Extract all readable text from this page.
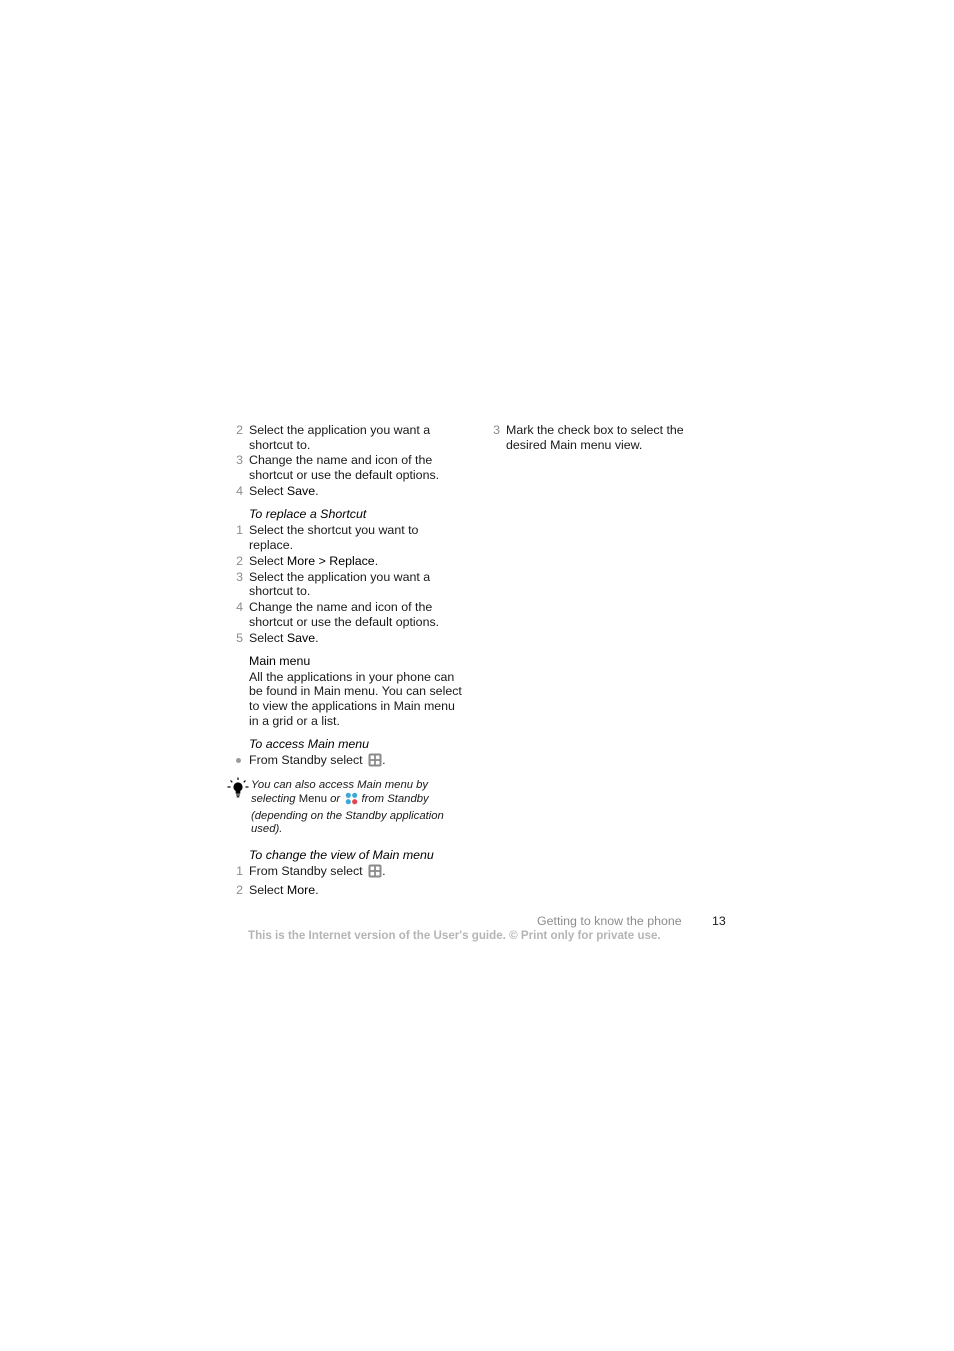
2 Select the application you want a shortcut to.
3 Change the name and icon of the shortcut or use the default options.
4 Select Save.
To replace a Shortcut
1 Select the shortcut you want to replace.
2 Select More > Replace.
3 Select the application you want a shortcut to.
4 Change the name and icon of the shortcut or use the default options.
5 Select Save.
Main menu
All the applications in your phone can be found in Main menu. You can select to view the applications in Main menu in a grid or a list.
To access Main menu
From Standby select .
You can also access Main menu by selecting Menu or  from Standby (depending on the Standby application used).
To change the view of Main menu
1 From Standby select .
2 Select More.
3 Mark the check box to select the desired Main menu view.
Getting to know the phone 13
This is the Internet version of the User's guide. © Print only for private use.
